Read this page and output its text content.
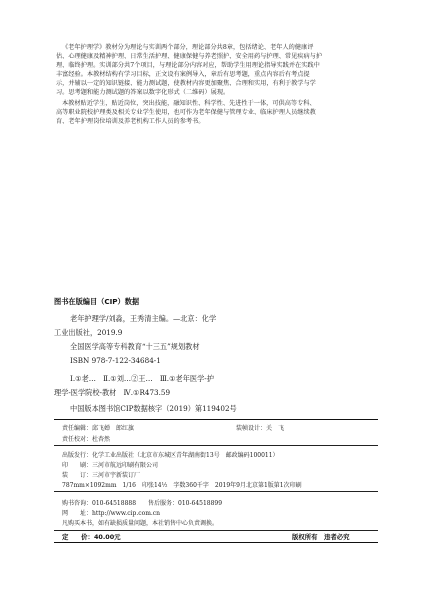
《老年护理学》教材分为理论与实训两个部分，理论部分共8章，包括绪论、老年人的健康评
估、心理健康及精神护理、日常生活护理、健康保健与养老照护、安全用药与护理、常见疾病与护
理、临终护理。实训部分共7个项目，与理论部分内容对应，帮助学生用理论指导实践并在实践中
丰富经验。本教材结构有学习目标，正文设有案例导入，章后有思考题，重点内容后有考点提
示，并辅以一定的知识链接、能力测试题，使教材内容更加聚焦、合理和实用，有利于教学与学
习。思考题和能力测试题的答案以数字化形式（二维码）展现。
本教材贴近学生，贴近岗位，突出技能，融知识性、科学性、先进性于一体，可供高等专科、
高等职业院校护理类及相关专业学生使用，也可作为老年保健与管理专业、临床护理人员继续教
育、老年护理岗位培训及养老机构工作人员的参考书。
图书在版编目（CIP）数据
老年护理学/刘淼，王秀清主编。—北京：化学
工业出版社，2019.9
全国医学高等专科教育“十三五”规划教材
ISBN 978-7-122-34684-1
Ⅰ.①老…　Ⅱ.①刘…②王…　Ⅲ.①老年医学-护
理学-医学院校-教材　Ⅳ.①R473.59
中国版本图书馆CIP数据核字（2019）第119402号
责任编辑：邱飞婵　郎红旗	装帧设计：关　飞
责任校对：杜杏然
出版发行：化学工业出版社（北京市东城区青年湖南街13号　邮政编码100011）
印　　刷：三河市航远印刷有限公司
装　　订：三河市宇新装订厂
787mm×1092mm　1/16　印张14½　字数360千字　2019年9月北京第1版第1次印刷
购书咨询：010-64518888　　售后服务：010-64518899
网　　址：http://www.cip.com.cn
凡购买本书，如有缺损质量问题，本社销售中心负责调换。
定　　价：40.00元	版权所有　违者必究
